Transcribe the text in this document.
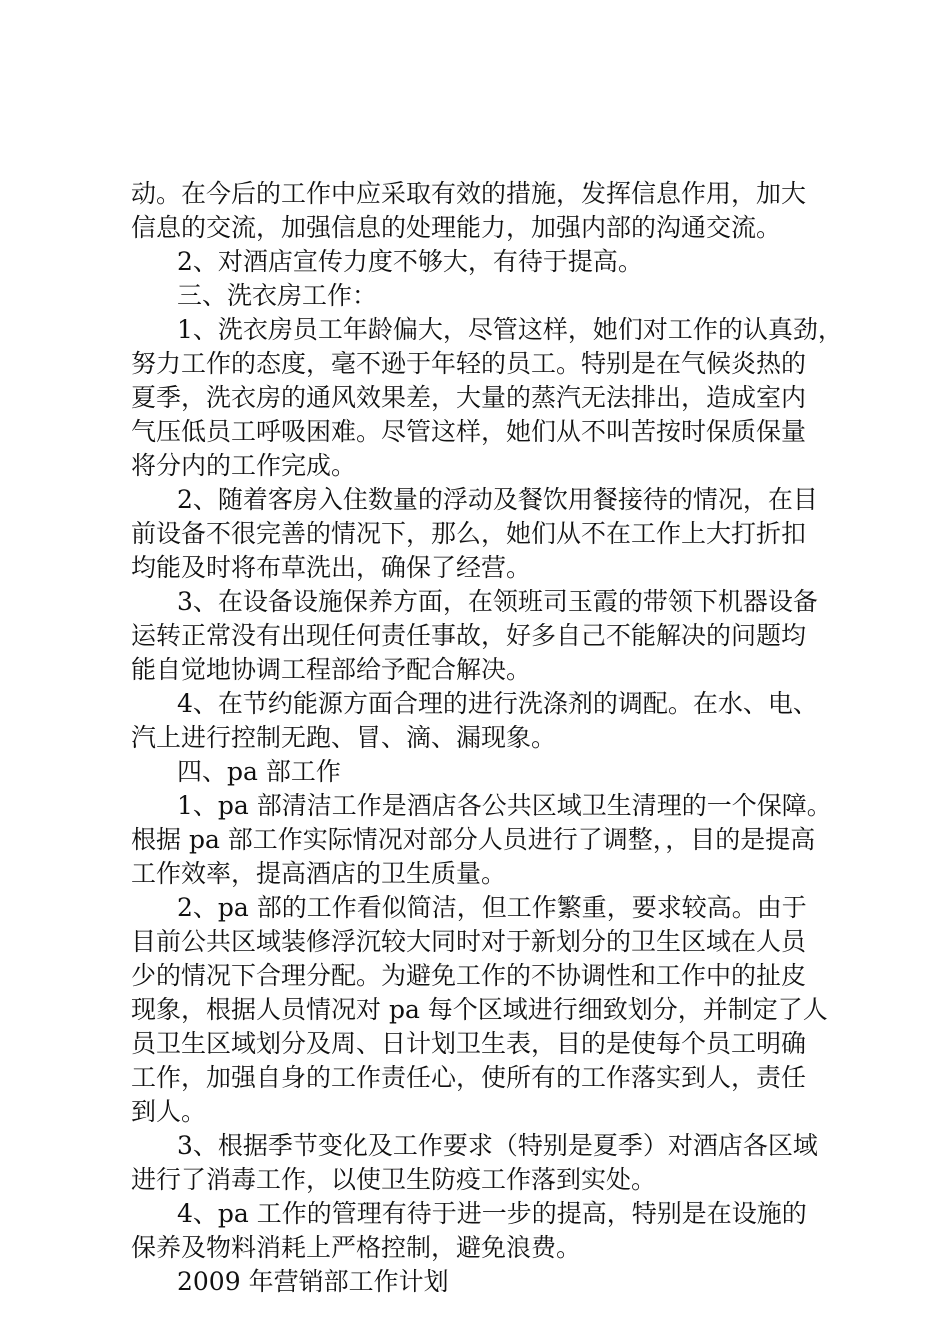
动。在今后的工作中应采取有效的措施，发挥信息作用，加大
信息的交流，加强信息的处理能力，加强内部的沟通交流。
2、对酒店宣传力度不够大，有待于提高。
三、洗衣房工作：
1、洗衣房员工年龄偏大，尽管这样，她们对工作的认真劲，
努力工作的态度，毫不逊于年轻的员工。特别是在气候炎热的
夏季，洗衣房的通风效果差，大量的蒸汽无法排出，造成室内
气压低员工呼吸困难。尽管这样，她们从不叫苦按时保质保量
将分内的工作完成。
2、随着客房入住数量的浮动及餐饮用餐接待的情况，在目
前设备不很完善的情况下，那么，她们从不在工作上大打折扣
均能及时将布草洗出，确保了经营。
3、在设备设施保养方面，在领班司玉霞的带领下机器设备
运转正常没有出现任何责任事故，好多自己不能解决的问题均
能自觉地协调工程部给予配合解决。
4、在节约能源方面合理的进行洗涤剂的调配。在水、电、
汽上进行控制无跑、冒、滴、漏现象。
四、pa 部工作
1、pa 部清洁工作是酒店各公共区域卫生清理的一个保障。
根据 pa 部工作实际情况对部分人员进行了调整，，目的是提高
工作效率，提高酒店的卫生质量。
2、pa 部的工作看似简洁，但工作繁重，要求较高。由于
目前公共区域装修浮沉较大同时对于新划分的卫生区域在人员
少的情况下合理分配。为避免工作的不协调性和工作中的扯皮
现象，根据人员情况对 pa 每个区域进行细致划分，并制定了人
员卫生区域划分及周、日计划卫生表，目的是使每个员工明确
工作，加强自身的工作责任心，使所有的工作落实到人，责任
到人。
3、根据季节变化及工作要求（特别是夏季）对酒店各区域
进行了消毒工作，以使卫生防疫工作落到实处。
4、pa 工作的管理有待于进一步的提高，特别是在设施的
保养及物料消耗上严格控制，避免浪费。
2009 年营销部工作计划
